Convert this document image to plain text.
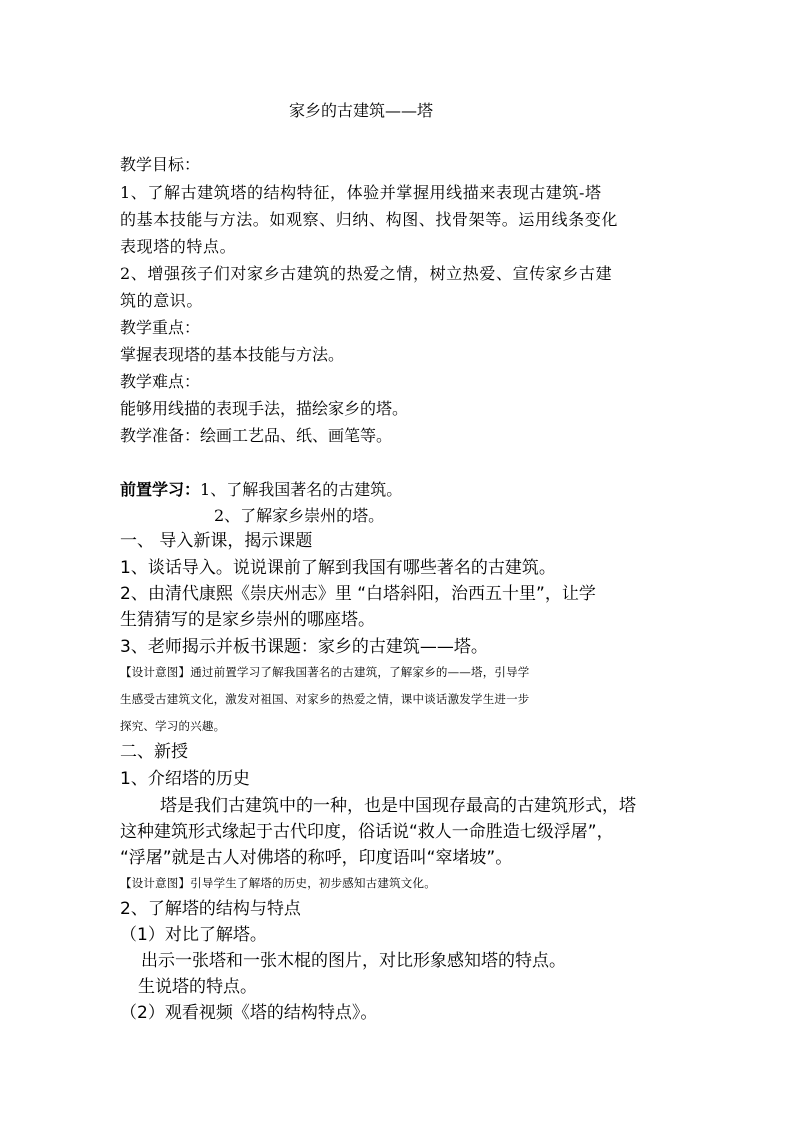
家乡的古建筑——塔
教学目标：
1、了解古建筑塔的结构特征，体验并掌握用线描来表现古建筑-塔
的基本技能与方法。如观察、归纳、构图、找骨架等。运用线条变化
表现塔的特点。
2、增强孩子们对家乡古建筑的热爱之情，树立热爱、宣传家乡古建
筑的意识。
教学重点：
掌握表现塔的基本技能与方法。
教学难点：
能够用线描的表现手法，描绘家乡的塔。
教学准备：绘画工艺品、纸、画笔等。
前置学习：1、了解我国著名的古建筑。
2、了解家乡崇州的塔。
一、 导入新课，揭示课题
1、谈话导入。说说课前了解到我国有哪些著名的古建筑。
2、由清代康熙《崇庆州志》里 “白塔斜阳，治西五十里”，让学
生猜猜写的是家乡崇州的哪座塔。
3、老师揭示并板书课题：家乡的古建筑——塔。
【设计意图】通过前置学习了解我国著名的古建筑，了解家乡的——塔，引导学
生感受古建筑文化，激发对祖国、对家乡的热爱之情，课中谈话激发学生进一步
探究、学习的兴趣。
二、新授
1、介绍塔的历史
塔是我们古建筑中的一种，也是中国现存最高的古建筑形式，塔
这种建筑形式缘起于古代印度，俗话说“救人一命胜造七级浮屠”，
“浮屠”就是古人对佛塔的称呼，印度语叫“窣堵坡”。
【设计意图】引导学生了解塔的历史，初步感知古建筑文化。
2、了解塔的结构与特点
（1）对比了解塔。
出示一张塔和一张木棍的图片，对比形象感知塔的特点。
生说塔的特点。
（2）观看视频《塔的结构特点》。
